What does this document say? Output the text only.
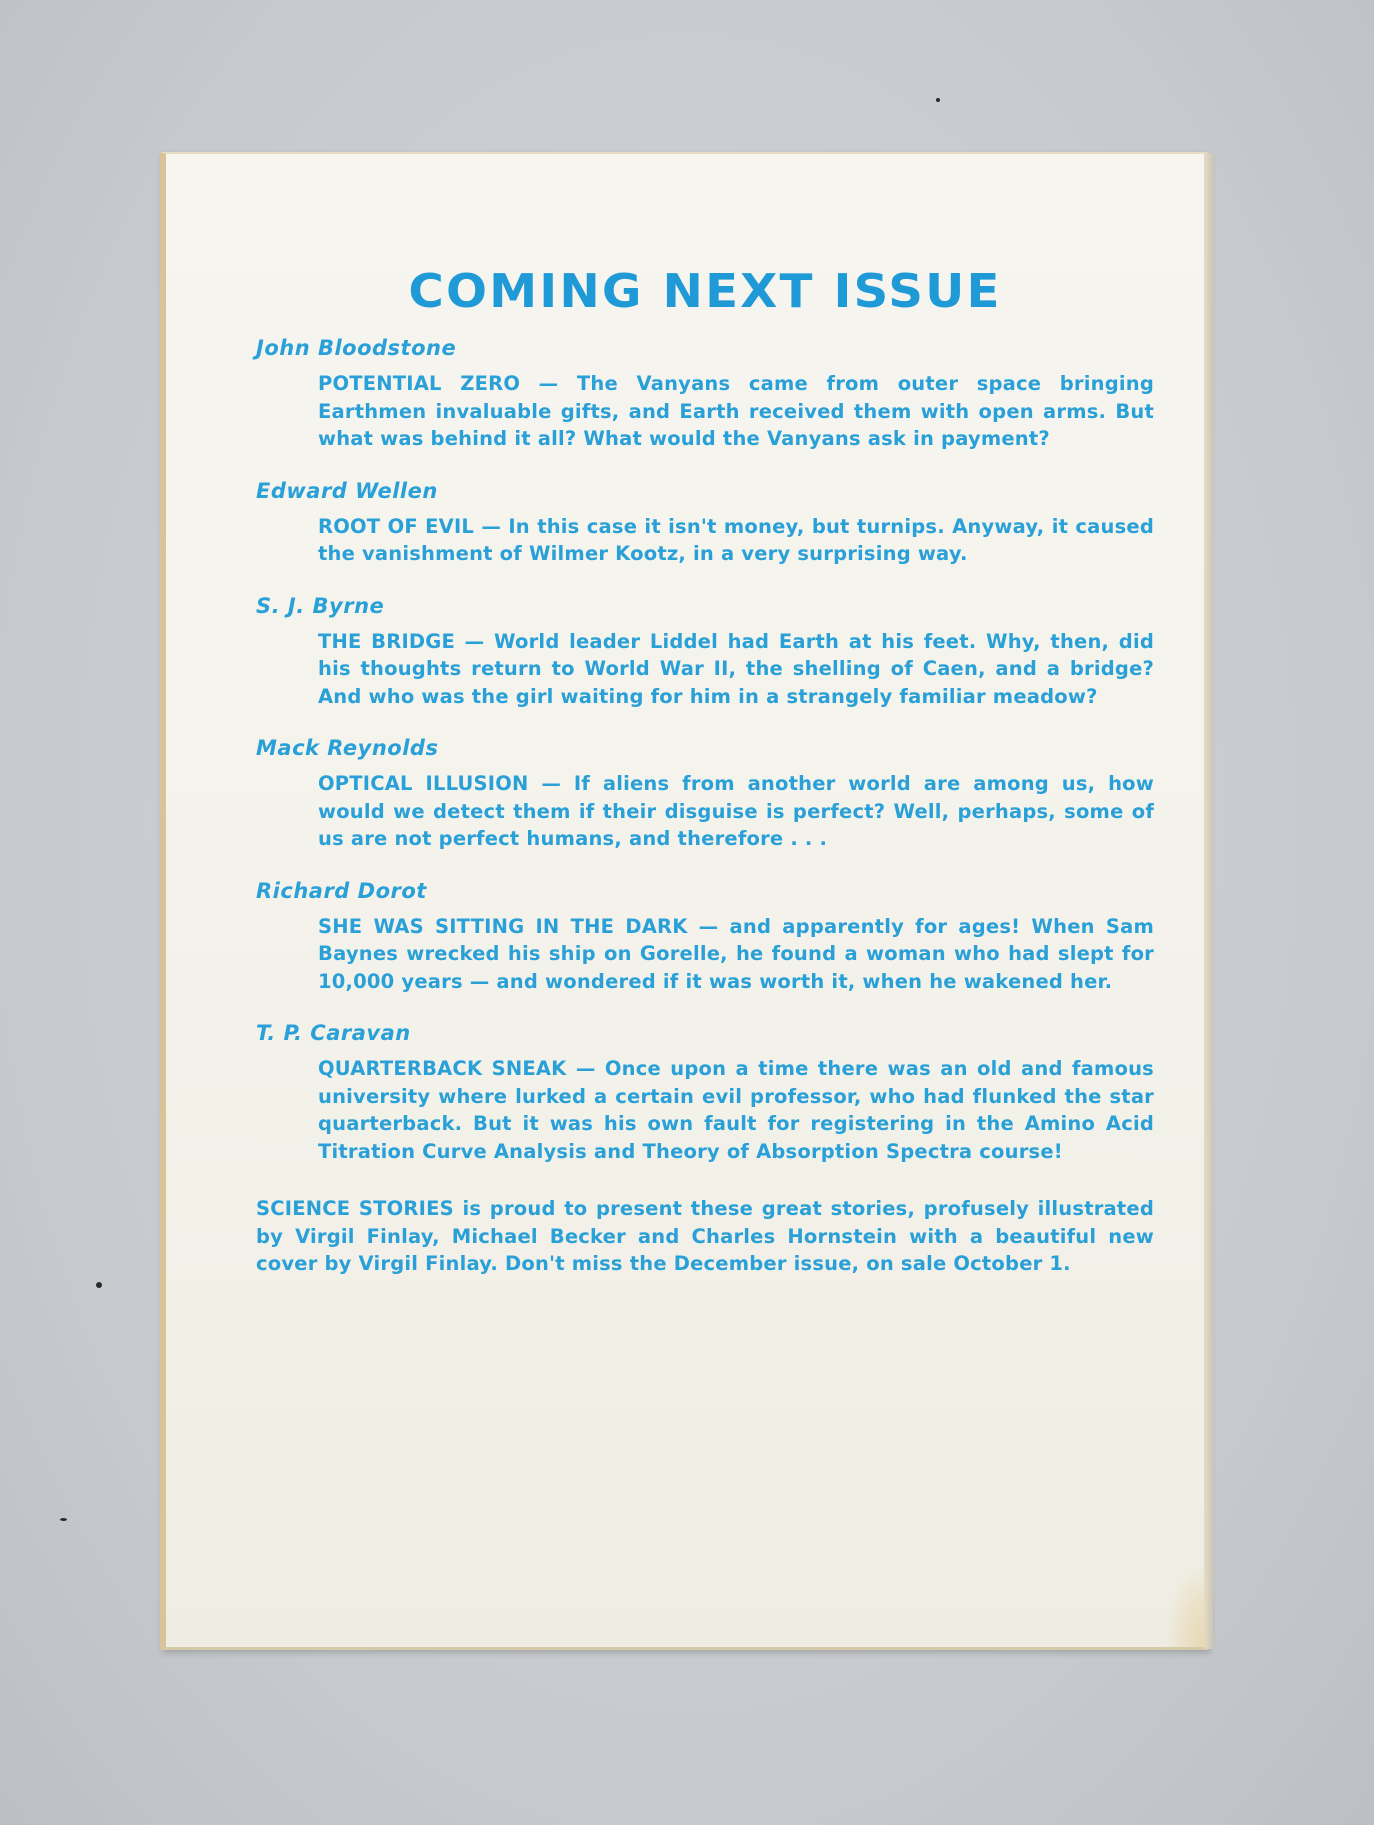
COMING NEXT ISSUE
John Bloodstone
POTENTIAL ZERO — The Vanyans came from outer space bringing Earthmen invaluable gifts, and Earth received them with open arms. But what was behind it all? What would the Vanyans ask in payment?
Edward Wellen
ROOT OF EVIL — In this case it isn't money, but turnips. Anyway, it caused the vanishment of Wilmer Kootz, in a very surprising way.
S. J. Byrne
THE BRIDGE — World leader Liddel had Earth at his feet. Why, then, did his thoughts return to World War II, the shelling of Caen, and a bridge? And who was the girl waiting for him in a strangely familiar meadow?
Mack Reynolds
OPTICAL ILLUSION — If aliens from another world are among us, how would we detect them if their disguise is perfect? Well, perhaps, some of us are not perfect humans, and therefore . . .
Richard Dorot
SHE WAS SITTING IN THE DARK — and apparently for ages! When Sam Baynes wrecked his ship on Gorelle, he found a woman who had slept for 10,000 years — and wondered if it was worth it, when he wakened her.
T. P. Caravan
QUARTERBACK SNEAK — Once upon a time there was an old and famous university where lurked a certain evil professor, who had flunked the star quarterback. But it was his own fault for registering in the Amino Acid Titration Curve Analysis and Theory of Absorption Spectra course!
SCIENCE STORIES is proud to present these great stories, profusely illustrated by Virgil Finlay, Michael Becker and Charles Hornstein with a beautiful new cover by Virgil Finlay. Don't miss the December issue, on sale October 1.
